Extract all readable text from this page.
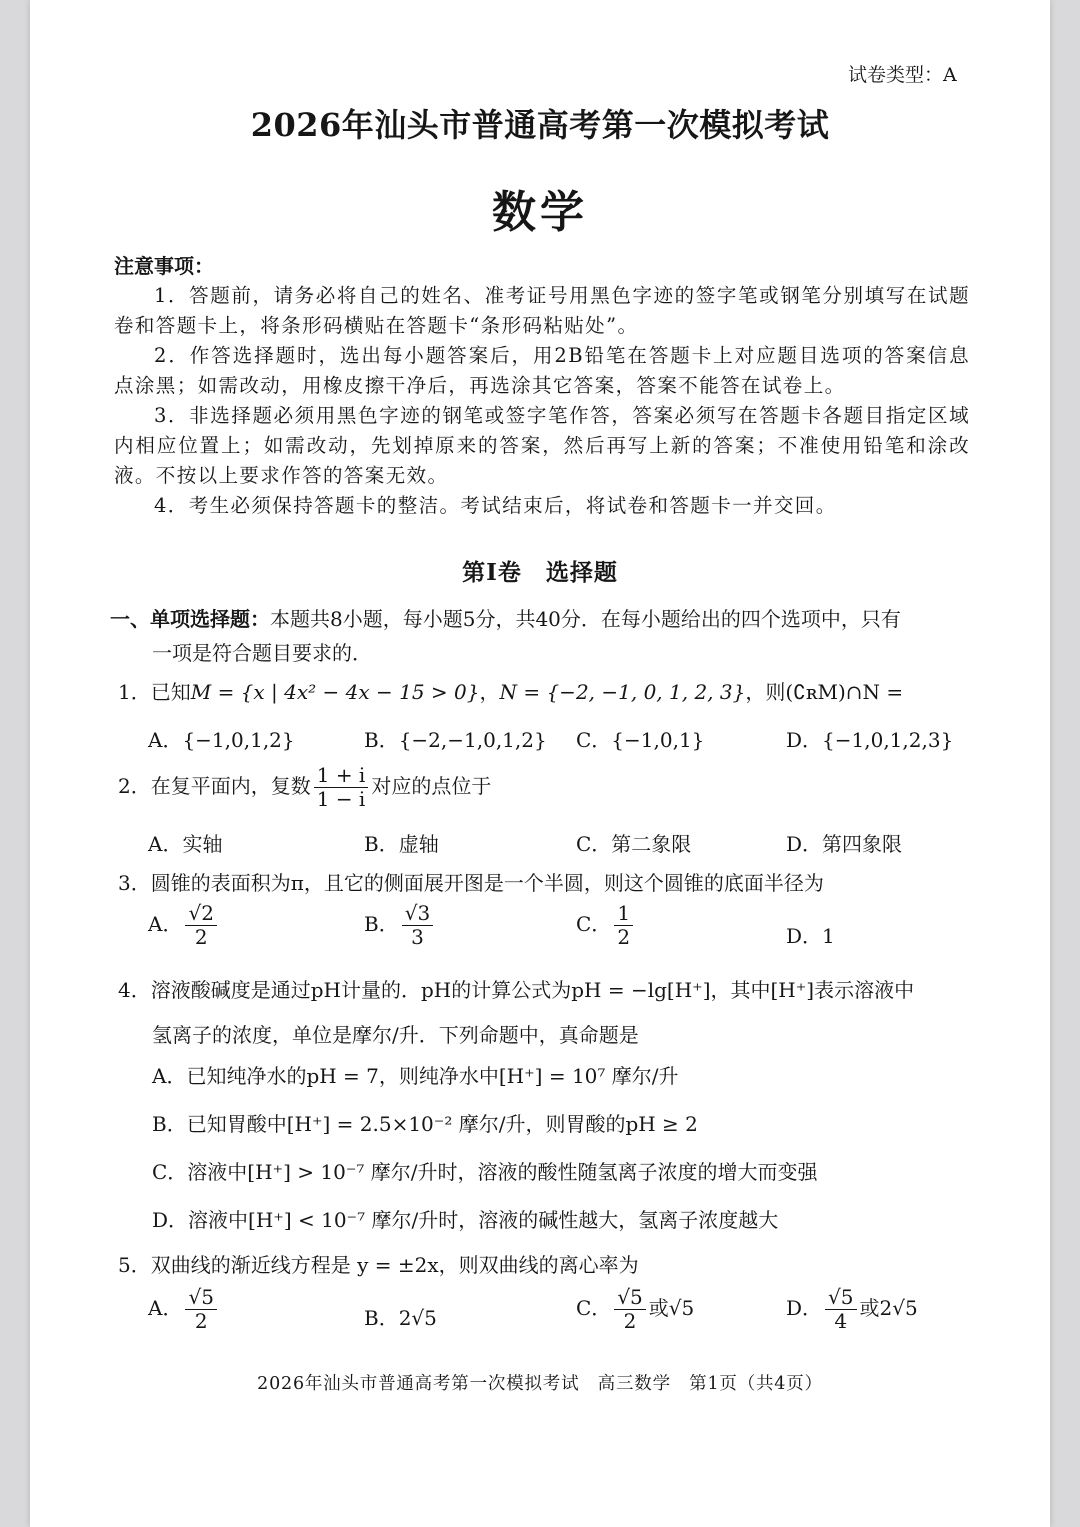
试卷类型：A
2026年汕头市普通高考第一次模拟考试
数学
注意事项：
1．答题前，请务必将自己的姓名、准考证号用黑色字迹的签字笔或钢笔分别填写在试题卷和答题卡上，将条形码横贴在答题卡“条形码粘贴处”。
2．作答选择题时，选出每小题答案后，用2B铅笔在答题卡上对应题目选项的答案信息点涂黑；如需改动，用橡皮擦干净后，再选涂其它答案，答案不能答在试卷上。
3．非选择题必须用黑色字迹的钢笔或签字笔作答，答案必须写在答题卡各题目指定区域内相应位置上；如需改动，先划掉原来的答案，然后再写上新的答案；不准使用铅笔和涂改液。不按以上要求作答的答案无效。
4．考生必须保持答题卡的整洁。考试结束后，将试卷和答题卡一并交回。
第Ⅰ卷　选择题
一、单项选择题：本题共8小题，每小题5分，共40分．在每小题给出的四个选项中，只有
一项是符合题目要求的．
1．已知M = {x | 4x² − 4x − 15 > 0}，N = {−2, −1, 0, 1, 2, 3}，则(∁ʀM)∩N =
A．{−1,0,1,2}	B．{−2,−1,0,1,2} C．{−1,0,1}	D．{−1,0,1,2,3}
2．在复平面内，复数 $\frac{1 + i}{1 - i}$ 对应的点位于
A．实轴	B．虚轴	C．第二象限	D．第四象限
3．圆锥的表面积为π，且它的侧面展开图是一个半圆，则这个圆锥的底面半径为
A． $\frac{√2}{2}$	B． $\frac{√3}{3}$	C． $\frac{1}{2}$	D．1
4．溶液酸碱度是通过pH计量的．pH的计算公式为pH = −lg[H⁺]，其中[H⁺]表示溶液中
氢离子的浓度，单位是摩尔/升．下列命题中，真命题是
A．已知纯净水的pH = 7，则纯净水中[H⁺] = 10⁷ 摩尔/升
B．已知胃酸中[H⁺] = 2.5×10⁻² 摩尔/升，则胃酸的pH ≥ 2
C．溶液中[H⁺] > 10⁻⁷ 摩尔/升时，溶液的酸性随氢离子浓度的增大而变强
D．溶液中[H⁺] < 10⁻⁷ 摩尔/升时，溶液的碱性越大，氢离子浓度越大
5．双曲线的渐近线方程是 y = ±2x，则双曲线的离心率为
A． $\frac{√5}{2}$	B．2√5	C． $\frac{√5}{2}$ 或√5	D． $\frac{√5}{4}$ 或2√5
2026年汕头市普通高考第一次模拟考试　高三数学　第1页（共4页）
